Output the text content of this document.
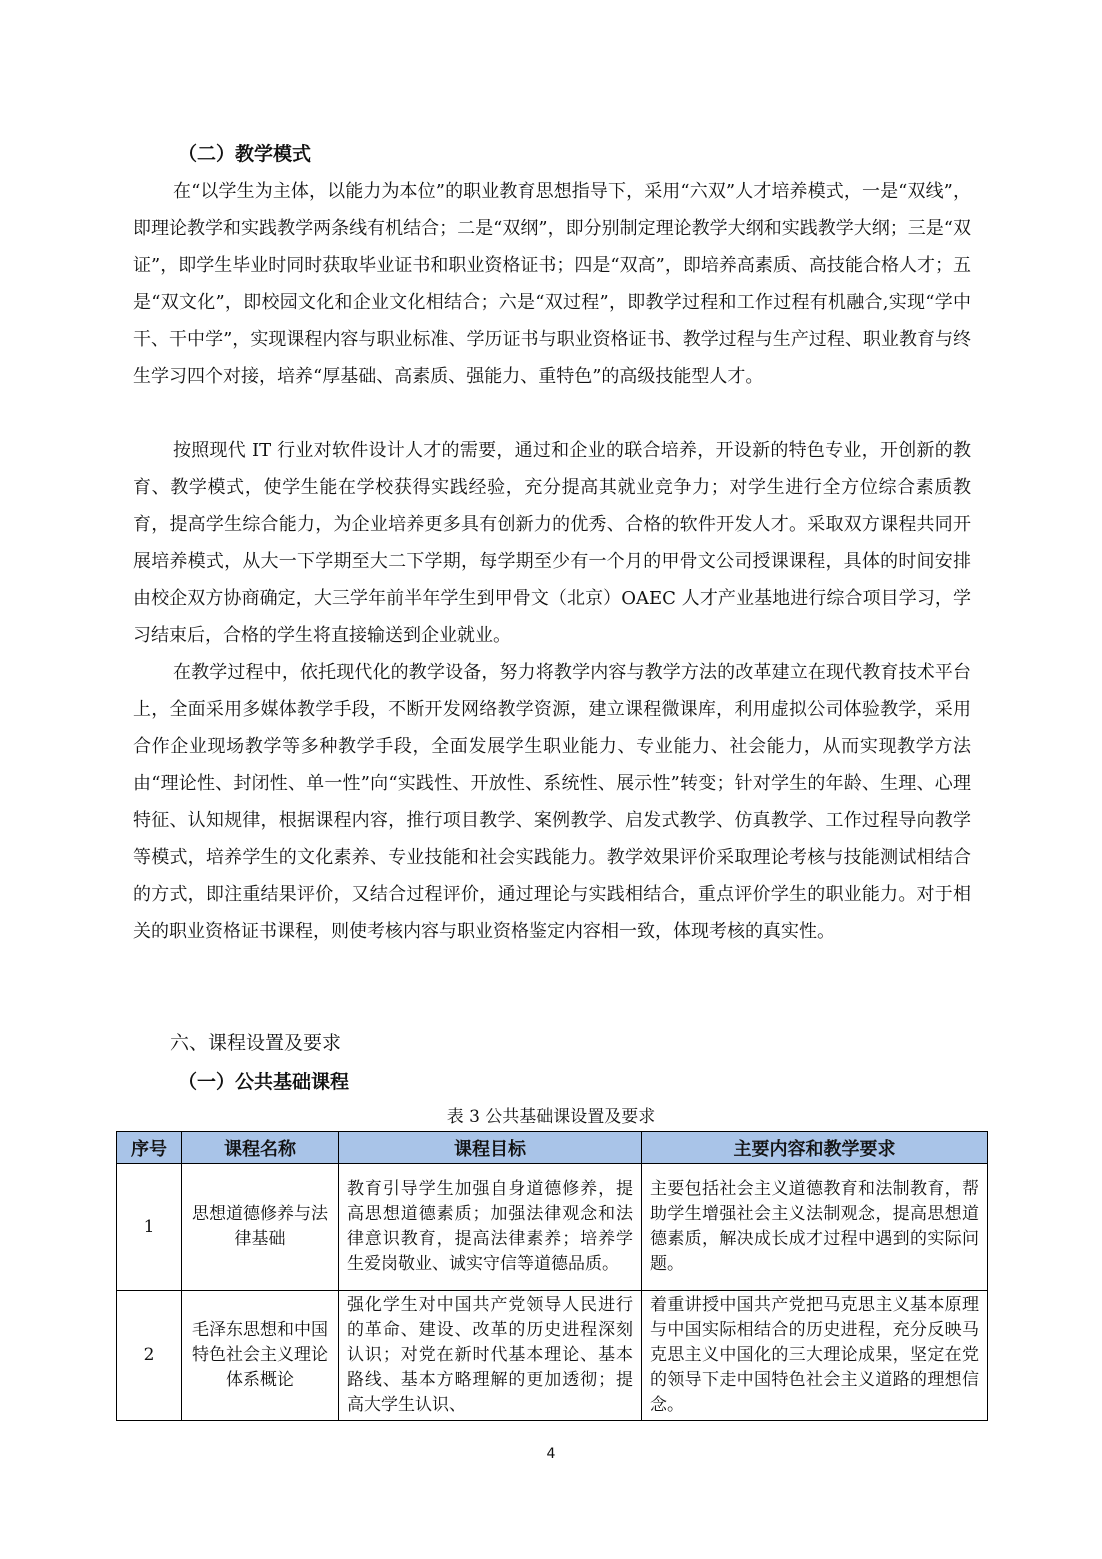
（二）教学模式

在“以学生为主体，以能力为本位”的职业教育思想指导下，采用“六双”人才培养模式，一是“双线”，即理论教学和实践教学两条线有机结合；二是“双纲”，即分别制定理论教学大纲和实践教学大纲；三是“双证”，即学生毕业时同时获取毕业证书和职业资格证书；四是“双高”，即培养高素质、高技能合格人才；五是“双文化”，即校园文化和企业文化相结合；六是“双过程”，即教学过程和工作过程有机融合,实现“学中干、干中学”，实现课程内容与职业标准、学历证书与职业资格证书、教学过程与生产过程、职业教育与终生学习四个对接，培养“厚基础、高素质、强能力、重特色”的高级技能型人才。

按照现代 IT 行业对软件设计人才的需要，通过和企业的联合培养，开设新的特色专业，开创新的教育、教学模式，使学生能在学校获得实践经验，充分提高其就业竞争力；对学生进行全方位综合素质教育，提高学生综合能力，为企业培养更多具有创新力的优秀、合格的软件开发人才。采取双方课程共同开展培养模式，从大一下学期至大二下学期，每学期至少有一个月的甲骨文公司授课课程，具体的时间安排由校企双方协商确定，大三学年前半年学生到甲骨文（北京）OAEC 人才产业基地进行综合项目学习，学习结束后，合格的学生将直接输送到企业就业。

在教学过程中，依托现代化的教学设备，努力将教学内容与教学方法的改革建立在现代教育技术平台上，全面采用多媒体教学手段，不断开发网络教学资源，建立课程微课库，利用虚拟公司体验教学，采用合作企业现场教学等多种教学手段，全面发展学生职业能力、专业能力、社会能力，从而实现教学方法由“理论性、封闭性、单一性”向“实践性、开放性、系统性、展示性”转变；针对学生的年龄、生理、心理特征、认知规律，根据课程内容，推行项目教学、案例教学、启发式教学、仿真教学、工作过程导向教学等模式，培养学生的文化素养、专业技能和社会实践能力。教学效果评价采取理论考核与技能测试相结合的方式，即注重结果评价，又结合过程评价，通过理论与实践相结合，重点评价学生的职业能力。对于相关的职业资格证书课程，则使考核内容与职业资格鉴定内容相一致，体现考核的真实性。

六、课程设置及要求
（一）公共基础课程
表 3 公共基础课设置及要求
序号	课程名称	课程目标	主要内容和教学要求
1	思想道德修养与法律基础	教育引导学生加强自身道德修养，提高思想道德素质；加强法律观念和法律意识教育，提高法律素养；培养学生爱岗敬业、诚实守信等道德品质。	主要包括社会主义道德教育和法制教育，帮助学生增强社会主义法制观念，提高思想道德素质，解决成长成才过程中遇到的实际问题。
2	毛泽东思想和中国特色社会主义理论体系概论	强化学生对中国共产党领导人民进行的革命、建设、改革的历史进程深刻认识；对党在新时代基本理论、基本路线、基本方略理解的更加透彻；提高大学生认识、	着重讲授中国共产党把马克思主义基本原理与中国实际相结合的历史进程，充分反映马克思主义中国化的三大理论成果，坚定在党的领导下走中国特色社会主义道路的理想信念。
4
